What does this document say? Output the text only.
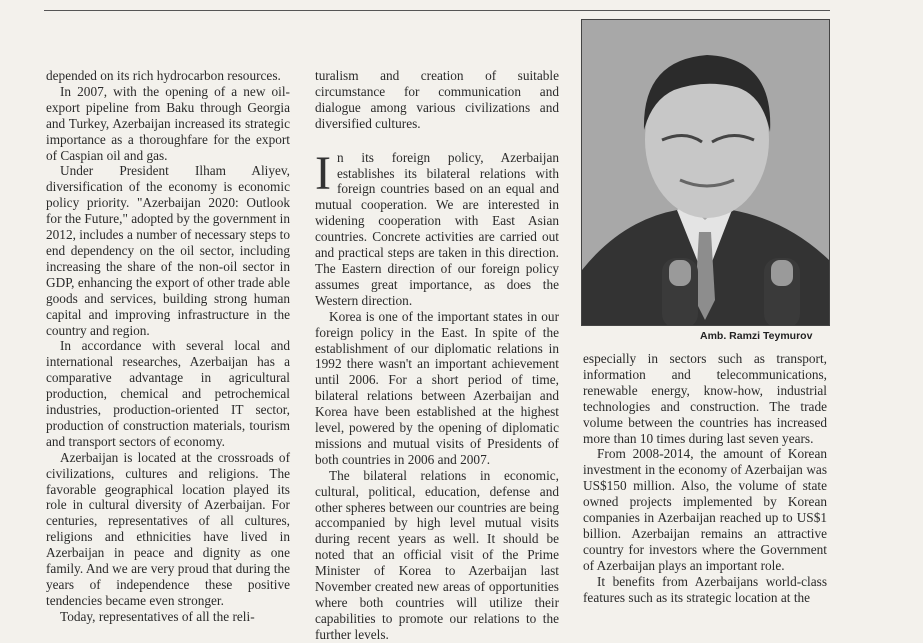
depended on its rich hydrocarbon resources.

In 2007, with the opening of a new oil-export pipeline from Baku through Georgia and Turkey, Azerbaijan increased its strategic importance as a thoroughfare for the export of Caspian oil and gas.

Under President Ilham Aliyev, diversification of the economy is economic policy priority. "Azerbaijan 2020: Outlook for the Future," adopted by the government in 2012, includes a number of necessary steps to end dependency on the oil sector, including increasing the share of the non-oil sector in GDP, enhancing the export of other trade able goods and services, building strong human capital and improving infrastructure in the country and region.

In accordance with several local and international researches, Azerbaijan has a comparative advantage in agricultural production, chemical and petrochemical industries, production-oriented IT sector, production of construction materials, tourism and transport sectors of economy.

Azerbaijan is located at the crossroads of civilizations, cultures and religions. The favorable geographical location played its role in cultural diversity of Azerbaijan. For centuries, representatives of all cultures, religions and ethnicities have lived in Azerbaijan in peace and dignity as one family. And we are very proud that during the years of independence these positive tendencies became even stronger.

Today, representatives of all the reli-

turalism and creation of suitable circumstance for communication and dialogue among various civilizations and diversified cultures.

In its foreign policy, Azerbaijan establishes its bilateral relations with foreign countries based on an equal and mutual cooperation. We are interested in widening cooperation with East Asian countries. Concrete activities are carried out and practical steps are taken in this direction. The Eastern direction of our foreign policy assumes great importance, as does the Western direction.

Korea is one of the important states in our foreign policy in the East. In spite of the establishment of our diplomatic relations in 1992 there wasn't an important achievement until 2006. For a short period of time, bilateral relations between Azerbaijan and Korea have been established at the highest level, powered by the opening of diplomatic missions and mutual visits of Presidents of both countries in 2006 and 2007.

The bilateral relations in economic, cultural, political, education, defense and other spheres between our countries are being accompanied by high level mutual visits during recent years as well. It should be noted that an official visit of the Prime Minister of Korea to Azerbaijan last November created new areas of opportunities where both countries will utilize their capabilities to promote our relations to the further levels.

Amb. Ramzi Teymurov

especially in sectors such as transport, information and telecommunications, renewable energy, know-how, industrial technologies and construction. The trade volume between the countries has increased more than 10 times during last seven years.

From 2008-2014, the amount of Korean investment in the economy of Azerbaijan was US$150 million. Also, the volume of state owned projects implemented by Korean companies in Azerbaijan reached up to US$1 billion. Azerbaijan remains an attractive country for investors where the Government of Azerbaijan plays an important role.

It benefits from Azerbaijans world-class features such as its strategic location at the
